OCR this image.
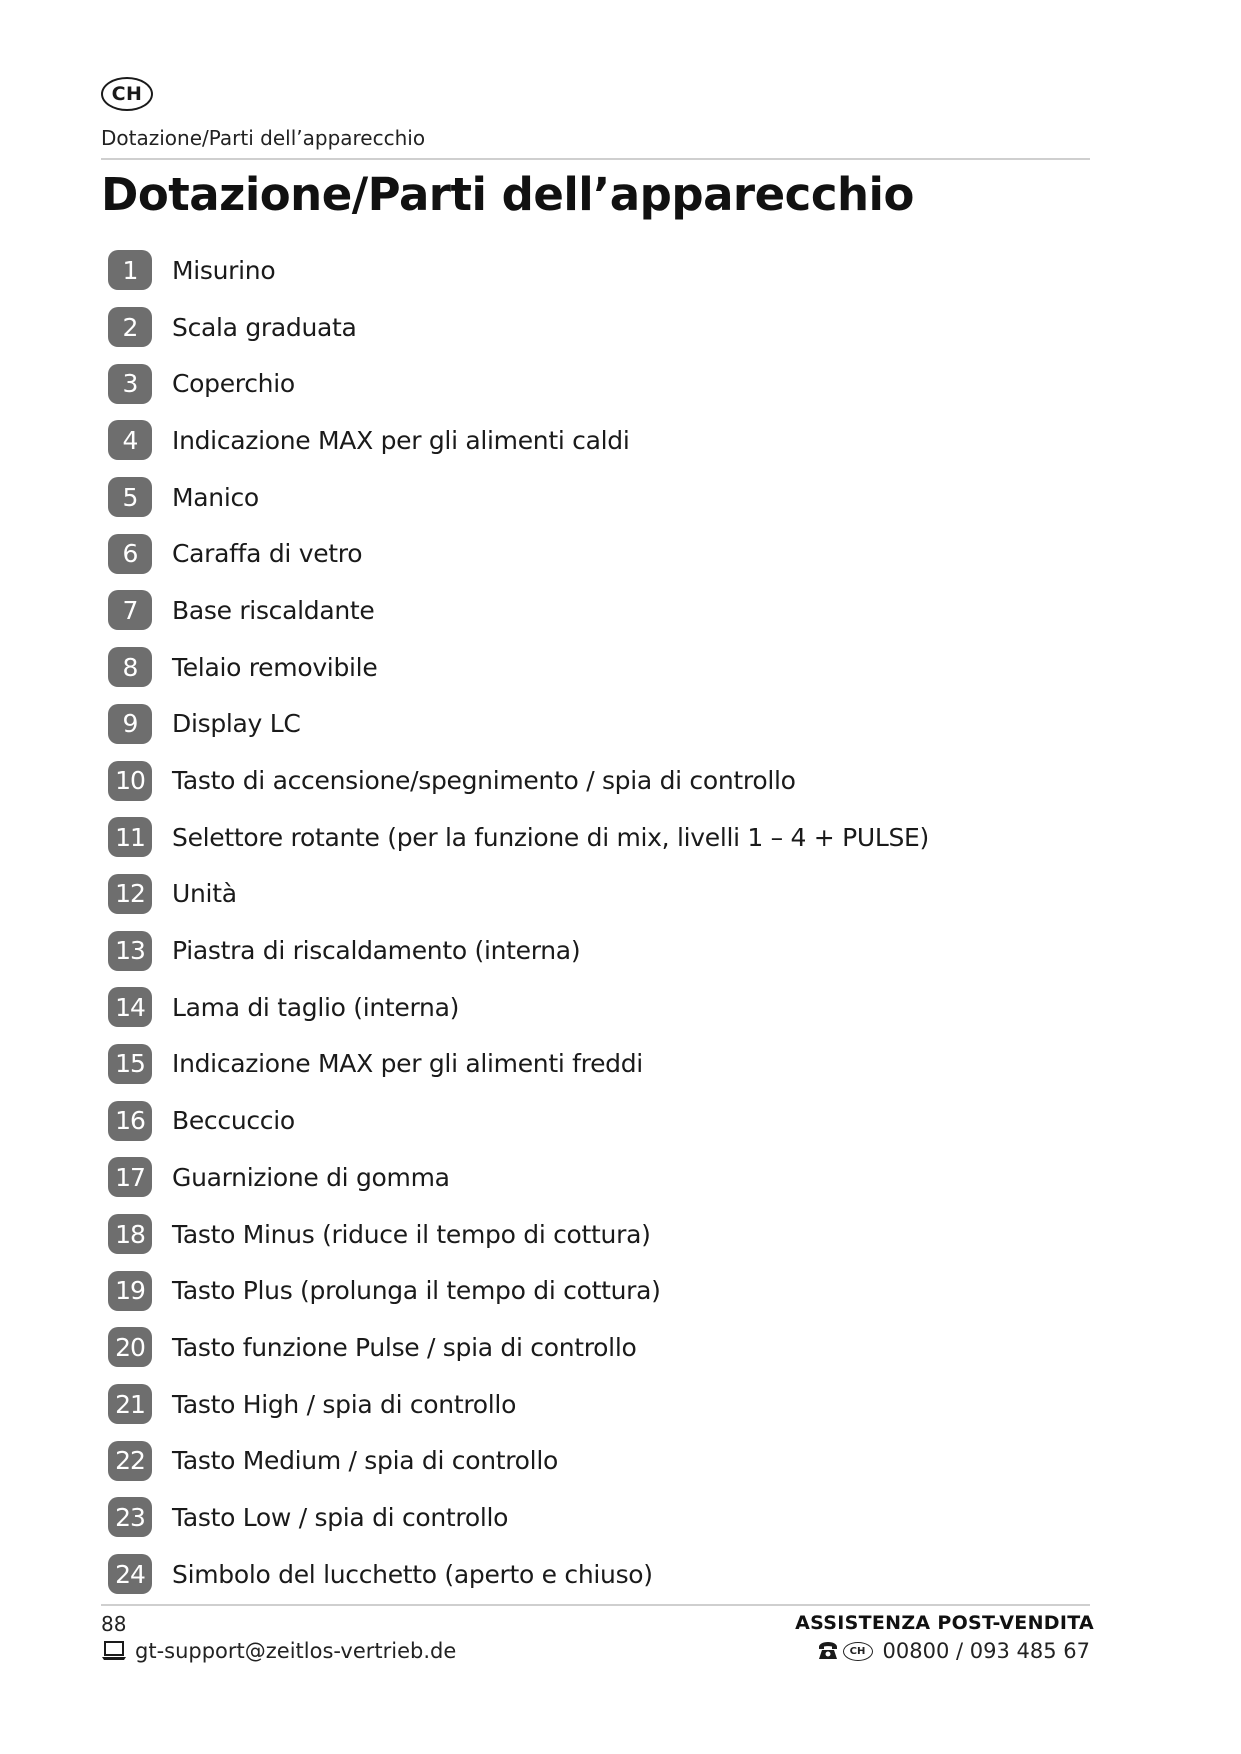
CH
Dotazione/Parti dell’apparecchio
Dotazione/Parti dell’apparecchio
1	Misurino
2	Scala graduata
3	Coperchio
4	Indicazione MAX per gli alimenti caldi
5	Manico
6	Caraffa di vetro
7	Base riscaldante
8	Telaio removibile
9	Display LC
10 Tasto di accensione/spegnimento / spia di controllo
11 Selettore rotante (per la funzione di mix, livelli 1 – 4 + PULSE)
12 Unità
13 Piastra di riscaldamento (interna)
14 Lama di taglio (interna)
15 Indicazione MAX per gli alimenti freddi
16 Beccuccio
17 Guarnizione di gomma
18 Tasto Minus (riduce il tempo di cottura)
19 Tasto Plus (prolunga il tempo di cottura)
20 Tasto funzione Pulse / spia di controllo
21 Tasto High / spia di controllo
22 Tasto Medium / spia di controllo
23 Tasto Low / spia di controllo
24 Simbolo del lucchetto (aperto e chiuso)
88
gt-support@zeitlos-vertrieb.de
ASSISTENZA POST-VENDITA
CH 00800 / 093 485 67
